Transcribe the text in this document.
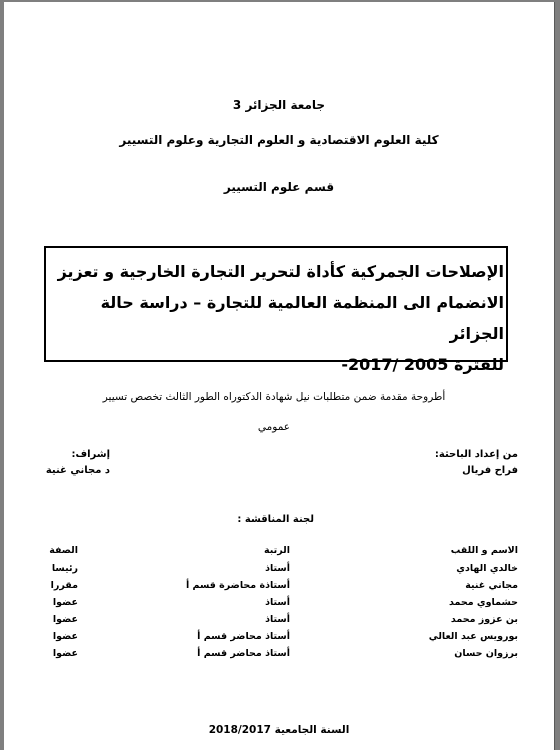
جامعة الجزائر 3
كلية العلوم الاقتصادية و العلوم التجارية وعلوم التسيير
قسم علوم التسيير
الإصلاحات الجمركية كأداة لتحرير التجارة الخارجية و تعزيز
الانضمام الى المنظمة العالمية للتجارة – دراسة حالة الجزائر
للفترة 2005 /2017-
أطروحة مقدمة ضمن متطلبات نيل شهادة الدكتوراه الطور الثالث تخصص تسيير
عمومي
من إعداد الباحثة:
فراح فريال
إشراف:
د مجاني غنية
لجنة المناقشة :
الاسم و اللقب
الرتبة
الصفة
خالدي الهادي
أستاذ
رئيسا
مجاني غنية
أستاذة محاضرة قسم أ
مقررا
حشماوي محمد
أستاذ
عضوا
بن عزوز محمد
أستاذ
عضوا
بورويس عبد العالي
أستاذ محاضر قسم أ
عضوا
برزوان حسان
أستاذ محاضر قسم أ
عضوا
السنة الجامعية 2018/2017
